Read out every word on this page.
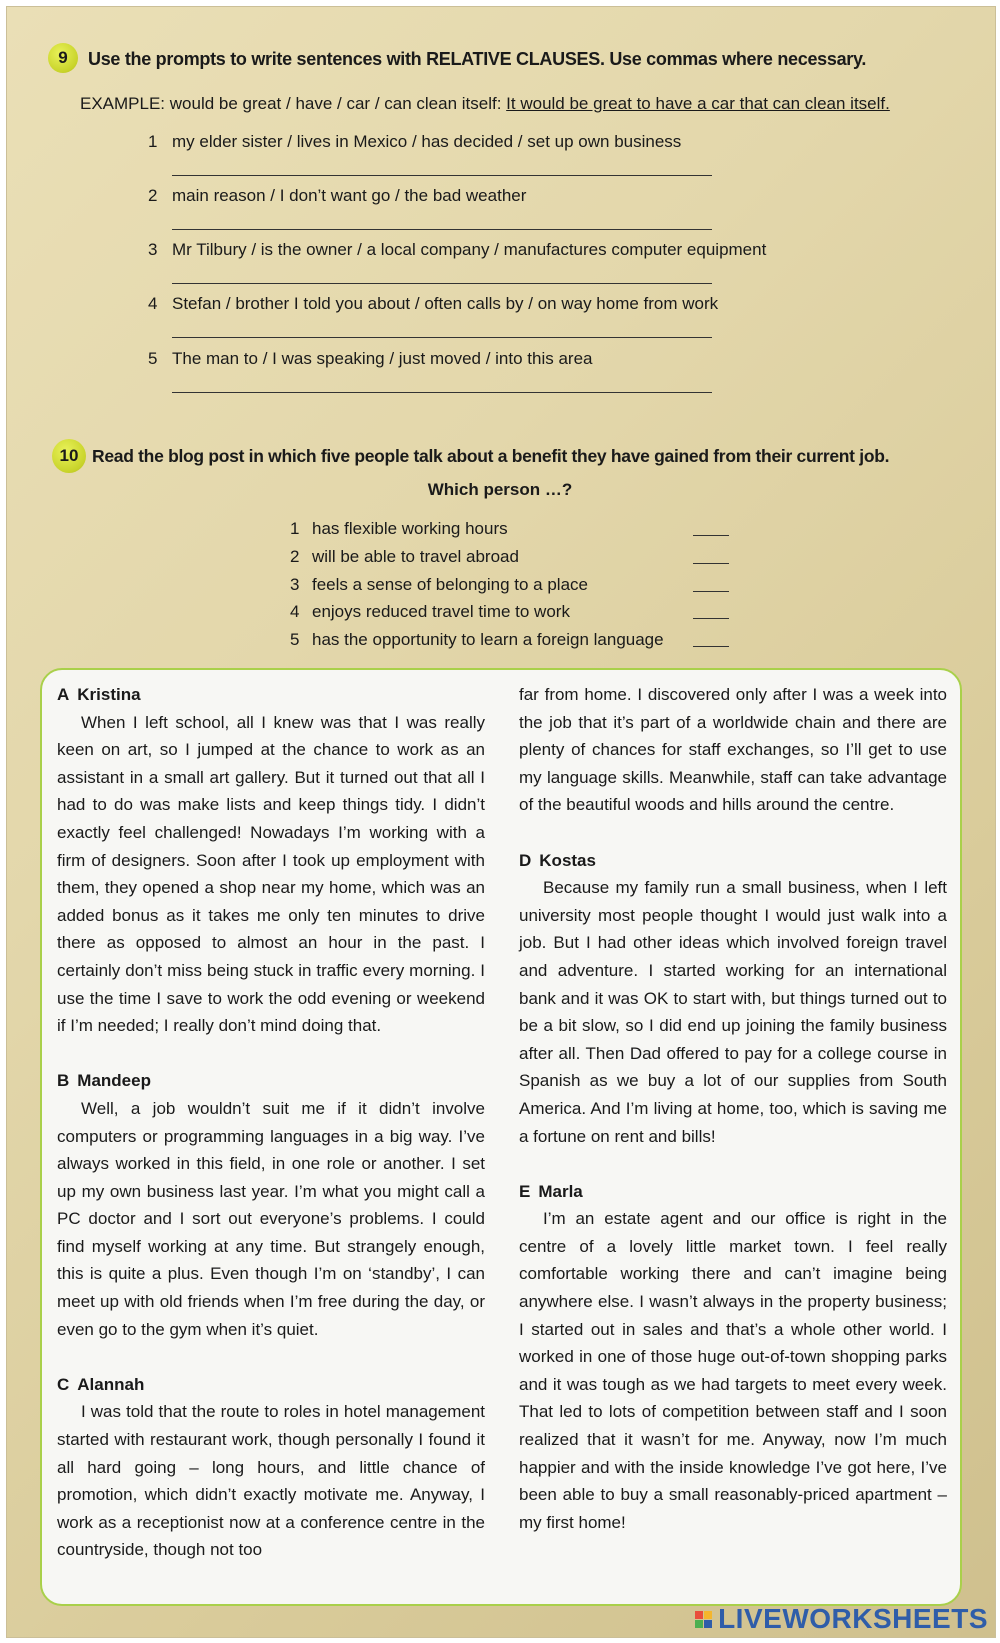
9	Use the prompts to write sentences with RELATIVE CLAUSES. Use commas where necessary.
EXAMPLE: would be great / have / car / can clean itself: It would be great to have a car that can clean itself.
1 my elder sister / lives in Mexico / has decided / set up own business
2 main reason / I don’t want go / the bad weather
3 Mr Tilbury / is the owner / a local company / manufactures computer equipment
4 Stefan / brother I told you about / often calls by / on way home from work
5 The man to / I was speaking / just moved / into this area
10 Read the blog post in which five people talk about a benefit they have gained from their current job.
Which person …?
1 has flexible working hours
2 will be able to travel abroad
3 feels a sense of belonging to a place
4 enjoys reduced travel time to work
5 has the opportunity to learn a foreign language
A Kristina

When I left school, all I knew was that I was really keen on art, so I jumped at the chance to work as an assistant in a small art gallery. But it turned out that all I had to do was make lists and keep things tidy. I didn’t exactly feel challenged! Nowadays I’m working with a firm of designers. Soon after I took up employment with them, they opened a shop near my home, which was an added bonus as it takes me only ten minutes to drive there as opposed to almost an hour in the past. I certainly don’t miss being stuck in traffic every morning. I use the time I save to work the odd evening or weekend if I’m needed; I really don’t mind doing that.

B Mandeep

Well, a job wouldn’t suit me if it didn’t involve computers or programming languages in a big way. I’ve always worked in this field, in one role or another. I set up my own business last year. I’m what you might call a PC doctor and I sort out everyone’s problems. I could find myself working at any time. But strangely enough, this is quite a plus. Even though I’m on ‘standby’, I can meet up with old friends when I’m free during the day, or even go to the gym when it’s quiet.

C Alannah

I was told that the route to roles in hotel management started with restaurant work, though personally I found it all hard going – long hours, and little chance of promotion, which didn’t exactly motivate me. Anyway, I work as a receptionist now at a conference centre in the countryside, though not too

far from home. I discovered only after I was a week into the job that it’s part of a worldwide chain and there are plenty of chances for staff exchanges, so I’ll get to use my language skills. Meanwhile, staff can take advantage of the beautiful woods and hills around the centre.

D Kostas

Because my family run a small business, when I left university most people thought I would just walk into a job. But I had other ideas which involved foreign travel and adventure. I started working for an international bank and it was OK to start with, but things turned out to be a bit slow, so I did end up joining the family business after all. Then Dad offered to pay for a college course in Spanish as we buy a lot of our supplies from South America. And I’m living at home, too, which is saving me a fortune on rent and bills!

E Marla

I’m an estate agent and our office is right in the centre of a lovely little market town. I feel really comfortable working there and can’t imagine being anywhere else. I wasn’t always in the property business; I started out in sales and that’s a whole other world. I worked in one of those huge out-of-town shopping parks and it was tough as we had targets to meet every week. That led to lots of competition between staff and I soon realized that it wasn’t for me. Anyway, now I’m much happier and with the inside knowledge I’ve got here, I’ve been able to buy a small reasonably-priced apartment – my first home!

LIVEWORKSHEETS
